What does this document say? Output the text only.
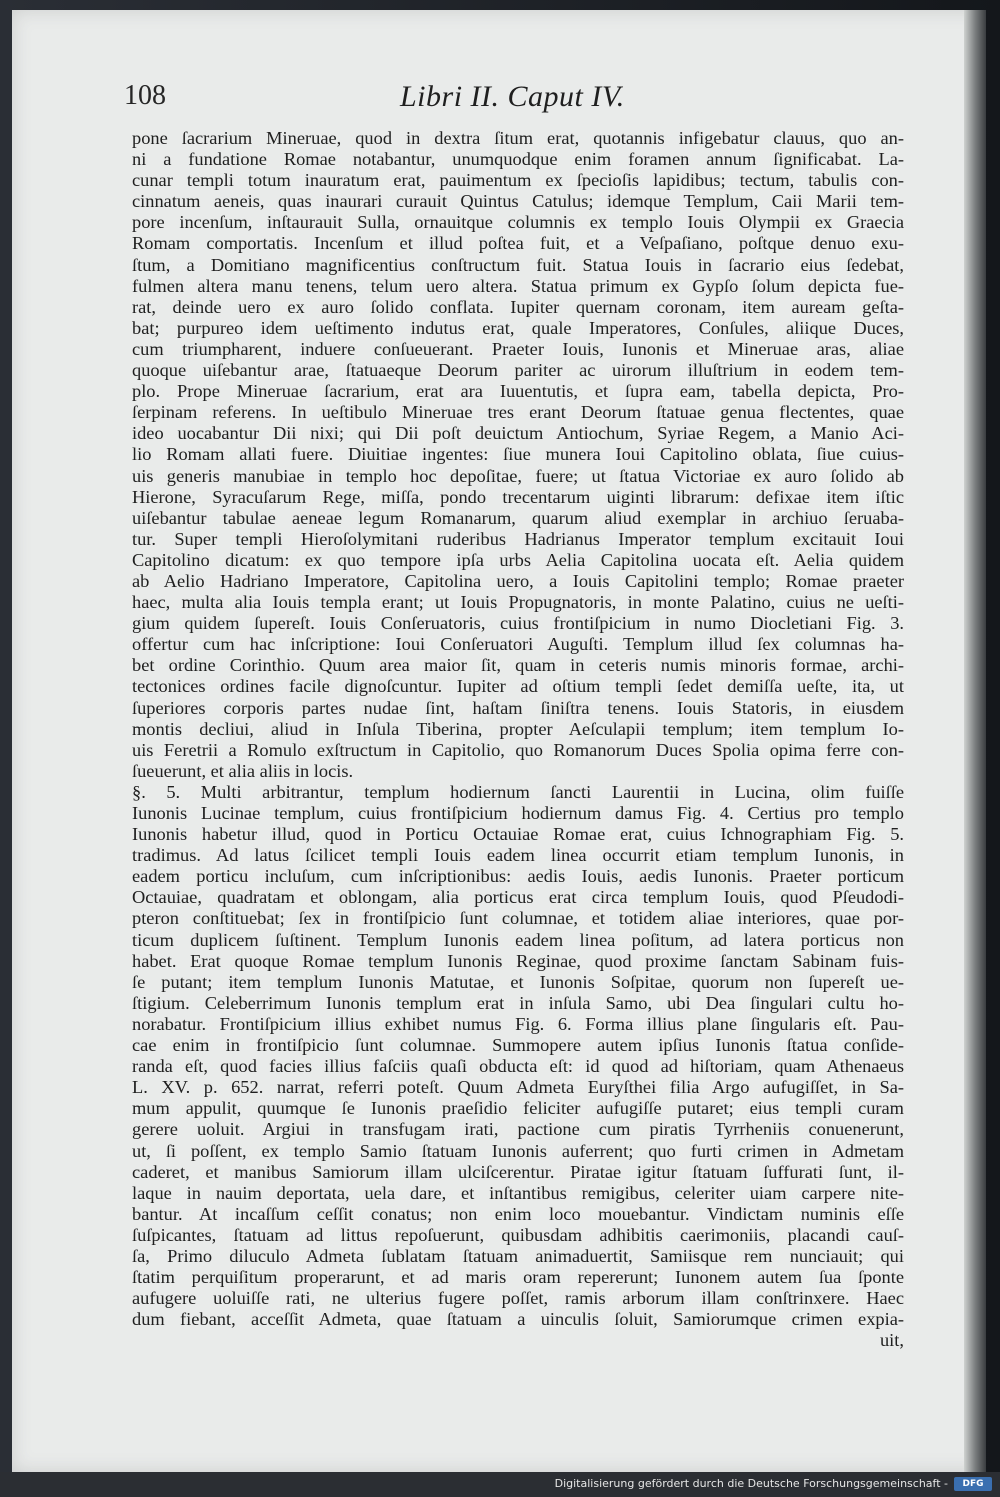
108	Libri II. Caput IV.
pone ſacrarium Mineruae, quod in dextra ſitum erat, quotannis infigebatur clauus, quo an-
ni a fundatione Romae notabantur, unumquodque enim foramen annum ſignificabat. La-
cunar templi totum inauratum erat, pauimentum ex ſpecioſis lapidibus; tectum, tabulis con-
cinnatum aeneis, quas inaurari curauit Quintus Catulus; idemque Templum, Caii Marii tem-
pore incenſum, inſtaurauit Sulla, ornauitque columnis ex templo Iouis Olympii ex Graecia
Romam comportatis. Incenſum et illud poſtea fuit, et a Veſpaſiano, poſtque denuo exu-
ſtum, a Domitiano magnificentius conſtructum fuit. Statua Iouis in ſacrario eius ſedebat,
fulmen altera manu tenens, telum uero altera. Statua primum ex Gypſo ſolum depicta fue-
rat, deinde uero ex auro ſolido conflata. Iupiter quernam coronam, item auream geſta-
bat; purpureo idem ueſtimento indutus erat, quale Imperatores, Conſules, aliique Duces,
cum triumpharent, induere conſueuerant. Praeter Iouis, Iunonis et Mineruae aras, aliae
quoque uiſebantur arae, ſtatuaeque Deorum pariter ac uirorum illuſtrium in eodem tem-
plo. Prope Mineruae ſacrarium, erat ara Iuuentutis, et ſupra eam, tabella depicta, Pro-
ſerpinam referens. In ueſtibulo Mineruae tres erant Deorum ſtatuae genua flectentes, quae
ideo uocabantur Dii nixi; qui Dii poſt deuictum Antiochum, Syriae Regem, a Manio Aci-
lio Romam allati fuere. Diuitiae ingentes: ſiue munera Ioui Capitolino oblata, ſiue cuius-
uis generis manubiae in templo hoc depoſitae, fuere; ut ſtatua Victoriae ex auro ſolido ab
Hierone, Syracuſarum Rege, miſſa, pondo trecentarum uiginti librarum: defixae item iſtic
uiſebantur tabulae aeneae legum Romanarum, quarum aliud exemplar in archiuo ſeruaba-
tur. Super templi Hieroſolymitani ruderibus Hadrianus Imperator templum excitauit Ioui
Capitolino dicatum: ex quo tempore ipſa urbs Aelia Capitolina uocata eſt. Aelia quidem
ab Aelio Hadriano Imperatore, Capitolina uero, a Iouis Capitolini templo; Romae praeter
haec, multa alia Iouis templa erant; ut Iouis Propugnatoris, in monte Palatino, cuius ne ueſti-
gium quidem ſupereſt. Iouis Conſeruatoris, cuius frontiſpicium in numo Diocletiani Fig. 3.
offertur cum hac inſcriptione: Ioui Conſeruatori Auguſti. Templum illud ſex columnas ha-
bet ordine Corinthio. Quum area maior ſit, quam in ceteris numis minoris formae, archi-
tectonices ordines facile dignoſcuntur. Iupiter ad oſtium templi ſedet demiſſa ueſte, ita, ut
ſuperiores corporis partes nudae ſint, haſtam ſiniſtra tenens. Iouis Statoris, in eiusdem
montis decliui, aliud in Inſula Tiberina, propter Aeſculapii templum; item templum Io-
uis Feretrii a Romulo exſtructum in Capitolio, quo Romanorum Duces Spolia opima ferre con-
ſueuerunt, et alia aliis in locis.
§. 5. Multi arbitrantur, templum hodiernum ſancti Laurentii in Lucina, olim fuiſſe
Iunonis Lucinae templum, cuius frontiſpicium hodiernum damus Fig. 4. Certius pro templo
Iunonis habetur illud, quod in Porticu Octauiae Romae erat, cuius Ichnographiam Fig. 5.
tradimus. Ad latus ſcilicet templi Iouis eadem linea occurrit etiam templum Iunonis, in
eadem porticu incluſum, cum inſcriptionibus: aedis Iouis, aedis Iunonis. Praeter porticum
Octauiae, quadratam et oblongam, alia porticus erat circa templum Iouis, quod Pſeudodi-
pteron conſtituebat; ſex in frontiſpicio ſunt columnae, et totidem aliae interiores, quae por-
ticum duplicem ſuſtinent. Templum Iunonis eadem linea poſitum, ad latera porticus non
habet. Erat quoque Romae templum Iunonis Reginae, quod proxime ſanctam Sabinam fuis-
ſe putant; item templum Iunonis Matutae, et Iunonis Soſpitae, quorum non ſupereſt ue-
ſtigium. Celeberrimum Iunonis templum erat in inſula Samo, ubi Dea ſingulari cultu ho-
norabatur. Frontiſpicium illius exhibet numus Fig. 6. Forma illius plane ſingularis eſt. Pau-
cae enim in frontiſpicio ſunt columnae. Summopere autem ipſius Iunonis ſtatua conſide-
randa eſt, quod facies illius faſciis quaſi obducta eſt: id quod ad hiſtoriam, quam Athenaeus
L. XV. p. 652. narrat, referri poteſt. Quum Admeta Euryſthei filia Argo aufugiſſet, in Sa-
mum appulit, quumque ſe Iunonis praeſidio feliciter aufugiſſe putaret; eius templi curam
gerere uoluit. Argiui in transfugam irati, pactione cum piratis Tyrrheniis conuenerunt,
ut, ſi poſſent, ex templo Samio ſtatuam Iunonis auferrent; quo furti crimen in Admetam
caderet, et manibus Samiorum illam ulciſcerentur. Piratae igitur ſtatuam ſuffurati ſunt, il-
laque in nauim deportata, uela dare, et inſtantibus remigibus, celeriter uiam carpere nite-
bantur. At incaſſum ceſſit conatus; non enim loco mouebantur. Vindictam numinis eſſe
ſuſpicantes, ſtatuam ad littus repoſuerunt, quibusdam adhibitis caerimoniis, placandi cauſ-
ſa, Primo diluculo Admeta ſublatam ſtatuam animaduertit, Samiisque rem nunciauit; qui
ſtatim perquiſitum properarunt, et ad maris oram repererunt; Iunonem autem ſua ſponte
aufugere uoluiſſe rati, ne ulterius fugere poſſet, ramis arborum illam conſtrinxere. Haec
dum fiebant, acceſſit Admeta, quae ſtatuam a uinculis ſoluit, Samiorumque crimen expia-
uit,
Digitalisierung gefördert durch die Deutsche Forschungsgemeinschaft -	DFG
